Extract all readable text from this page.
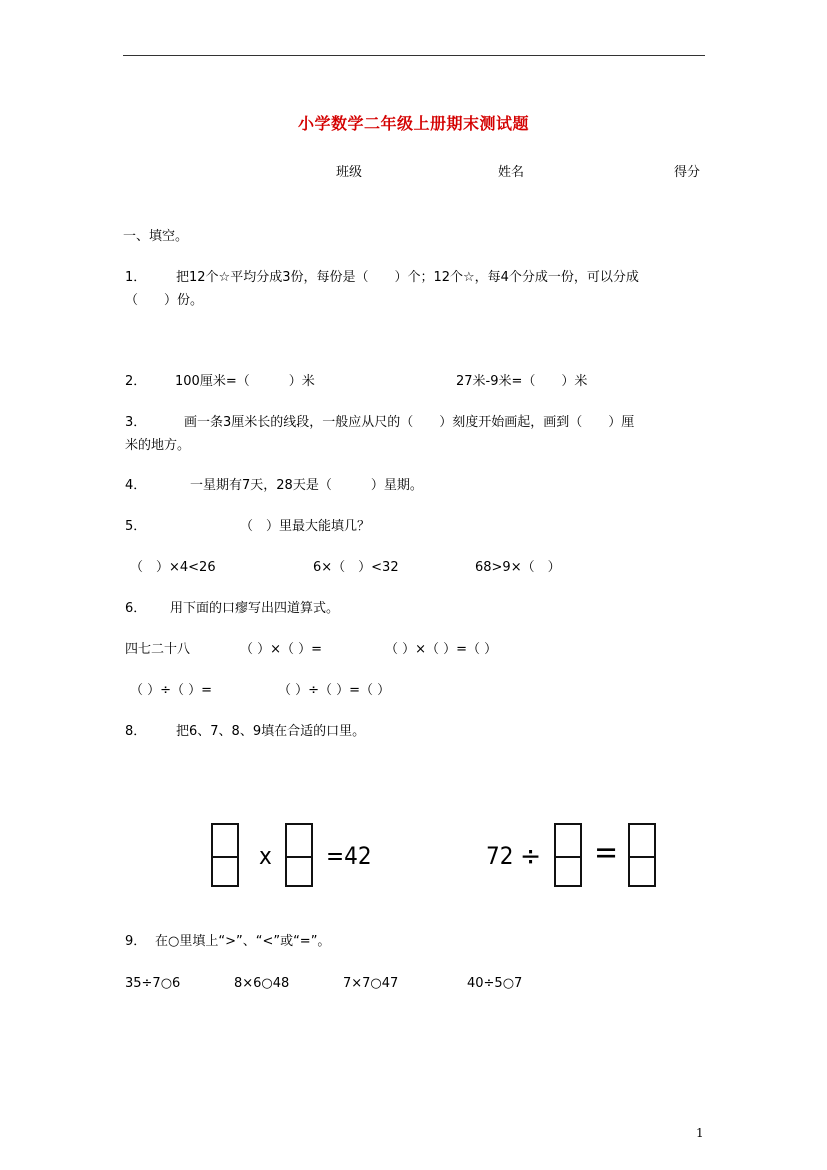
小学数学二年级上册期末测试题
班级	姓名	得分
一、填空。
1． 把12个☆平均分成3份，每份是（　　）个；12个☆，每4个分成一份，可以分成
（　　）份。
2． 100厘米=（　　　）米	27米-9米=（　　）米
3．	画一条3厘米长的线段，一般应从尺的（　　）刻度开始画起，画到（　　）厘
米的地方。
4．	一星期有7天，28天是（　　　）星期。
5．	（　）里最大能填几？
（　）×4<26	6×（　）<32	68>9×（　）
6． 用下面的口瘳写出四道算式。
四七二十八	（ ）×（ ）=	（ ）×（ ）=（ ）
（ ）÷（ ）=	（ ）÷（ ）=（ ）
8． 把6、7、8、9填在合适的口里。
x =42	72 ÷ =
9． 在○里填上“>”、“<”或“=”。
35÷7○6	8×6○48	7×7○47	40÷5○7
1
